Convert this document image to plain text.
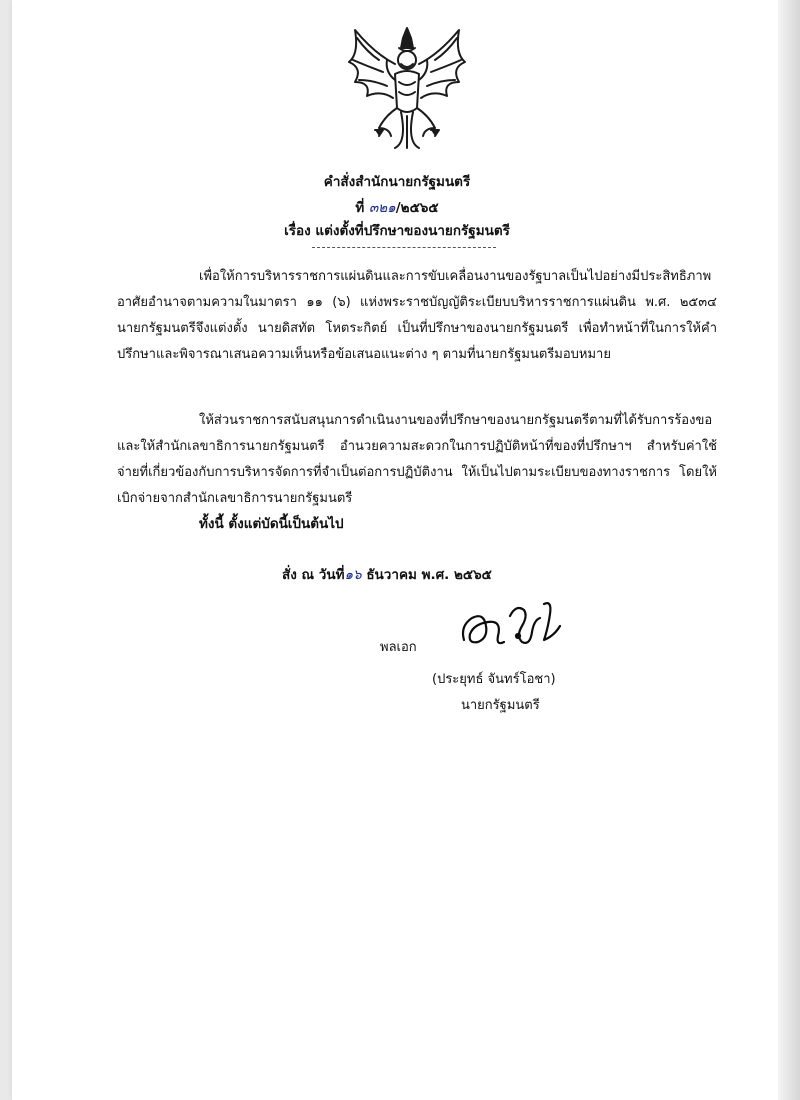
คำสั่งสำนักนายกรัฐมนตรี
ที่ ๓๒๑/๒๕๖๕
เรื่อง แต่งตั้งที่ปรึกษาของนายกรัฐมนตรี

เพื่อให้การบริหารราชการแผ่นดินและการขับเคลื่อนงานของรัฐบาลเป็นไปอย่างมีประสิทธิภาพ อาศัยอำนาจตามความในมาตรา ๑๑ (๖) แห่งพระราชบัญญัติระเบียบบริหารราชการแผ่นดิน พ.ศ. ๒๕๓๔ นายกรัฐมนตรีจึงแต่งตั้ง นายดิสทัต โหตระกิตย์ เป็นที่ปรึกษาของนายกรัฐมนตรี เพื่อทำหน้าที่ในการให้คำปรึกษาและพิจารณาเสนอความเห็นหรือข้อเสนอแนะต่าง ๆ ตามที่นายกรัฐมนตรีมอบหมาย

ให้ส่วนราชการสนับสนุนการดำเนินงานของที่ปรึกษาของนายกรัฐมนตรีตามที่ได้รับการร้องขอ และให้สำนักเลขาธิการนายกรัฐมนตรี อำนวยความสะดวกในการปฏิบัติหน้าที่ของที่ปรึกษาฯ สำหรับค่าใช้จ่ายที่เกี่ยวข้องกับการบริหารจัดการที่จำเป็นต่อการปฏิบัติงาน ให้เป็นไปตามระเบียบของทางราชการ โดยให้เบิกจ่ายจากสำนักเลขาธิการนายกรัฐมนตรี

ทั้งนี้ ตั้งแต่บัดนี้เป็นต้นไป
สั่ง ณ วันที่๑๖ ธันวาคม พ.ศ. ๒๕๖๕
พลเอก
(ประยุทธ์ จันทร์โอชา)
นายกรัฐมนตรี
